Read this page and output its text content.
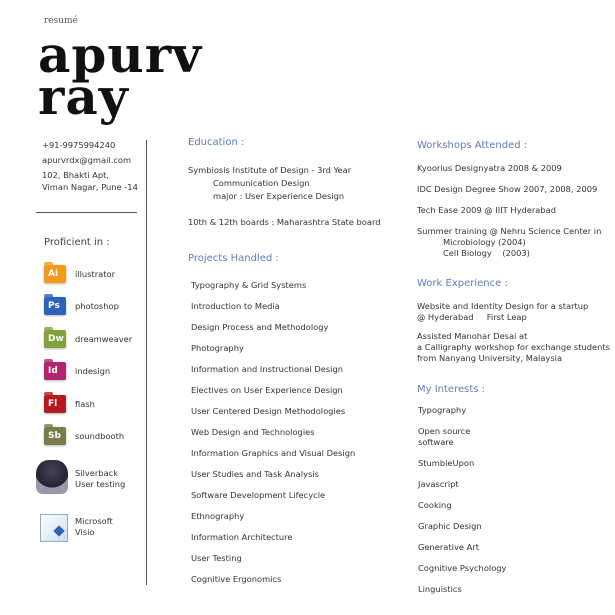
resumé
apurv
ray
+91-9975994240
apurvrdx@gmail.com
102, Bhakti Apt,
Viman Nagar, Pune -14
Proficient in :
Silverback
User testing
Microsoft
Visio
Education :
Symbiosis Institute of Design - 3rd Year
Communication Design
major : User Experience Design
10th & 12th boards : Maharashtra State board
Projects Handled :
Workshops Attended :
Kyoorius Designyatra 2008 & 2009
IDC Design Degree Show 2007, 2008, 2009
Tech Ease 2009 @ IIIT Hyderabad
Summer training @ Nehru Science Center in
Microbiology (2004)
Cell Biology    (2003)
Work Experience :
Website and Identity Design for a startup
@ Hyderabad     First Leap
Assisted Manohar Desai at
a Calligraphy workshop for exchange students
from Nanyang University, Malaysia
My Interests :
Ai	illustrator
Ps	photoshop
Dw dreamweaver
Id	indesign
Fl	flash
Sb	soundbooth
Typography & Grid Systems
Introduction to Media
Design Process and Methodology
Photography
Information and Instructional Design
Electives on User Experience Design
User Centered Design Methodologies
Web Design and Technologies
Information Graphics and Visual Design
User Studies and Task Analysis
Software Development Lifecycle
Ethnography
Information Architecture
User Testing
Cognitive Ergonomics
Typography
Open source
software
StumbleUpon
Javascript
Cooking
Graphic Design
Generative Art
Cognitive Psychology
Linguistics
